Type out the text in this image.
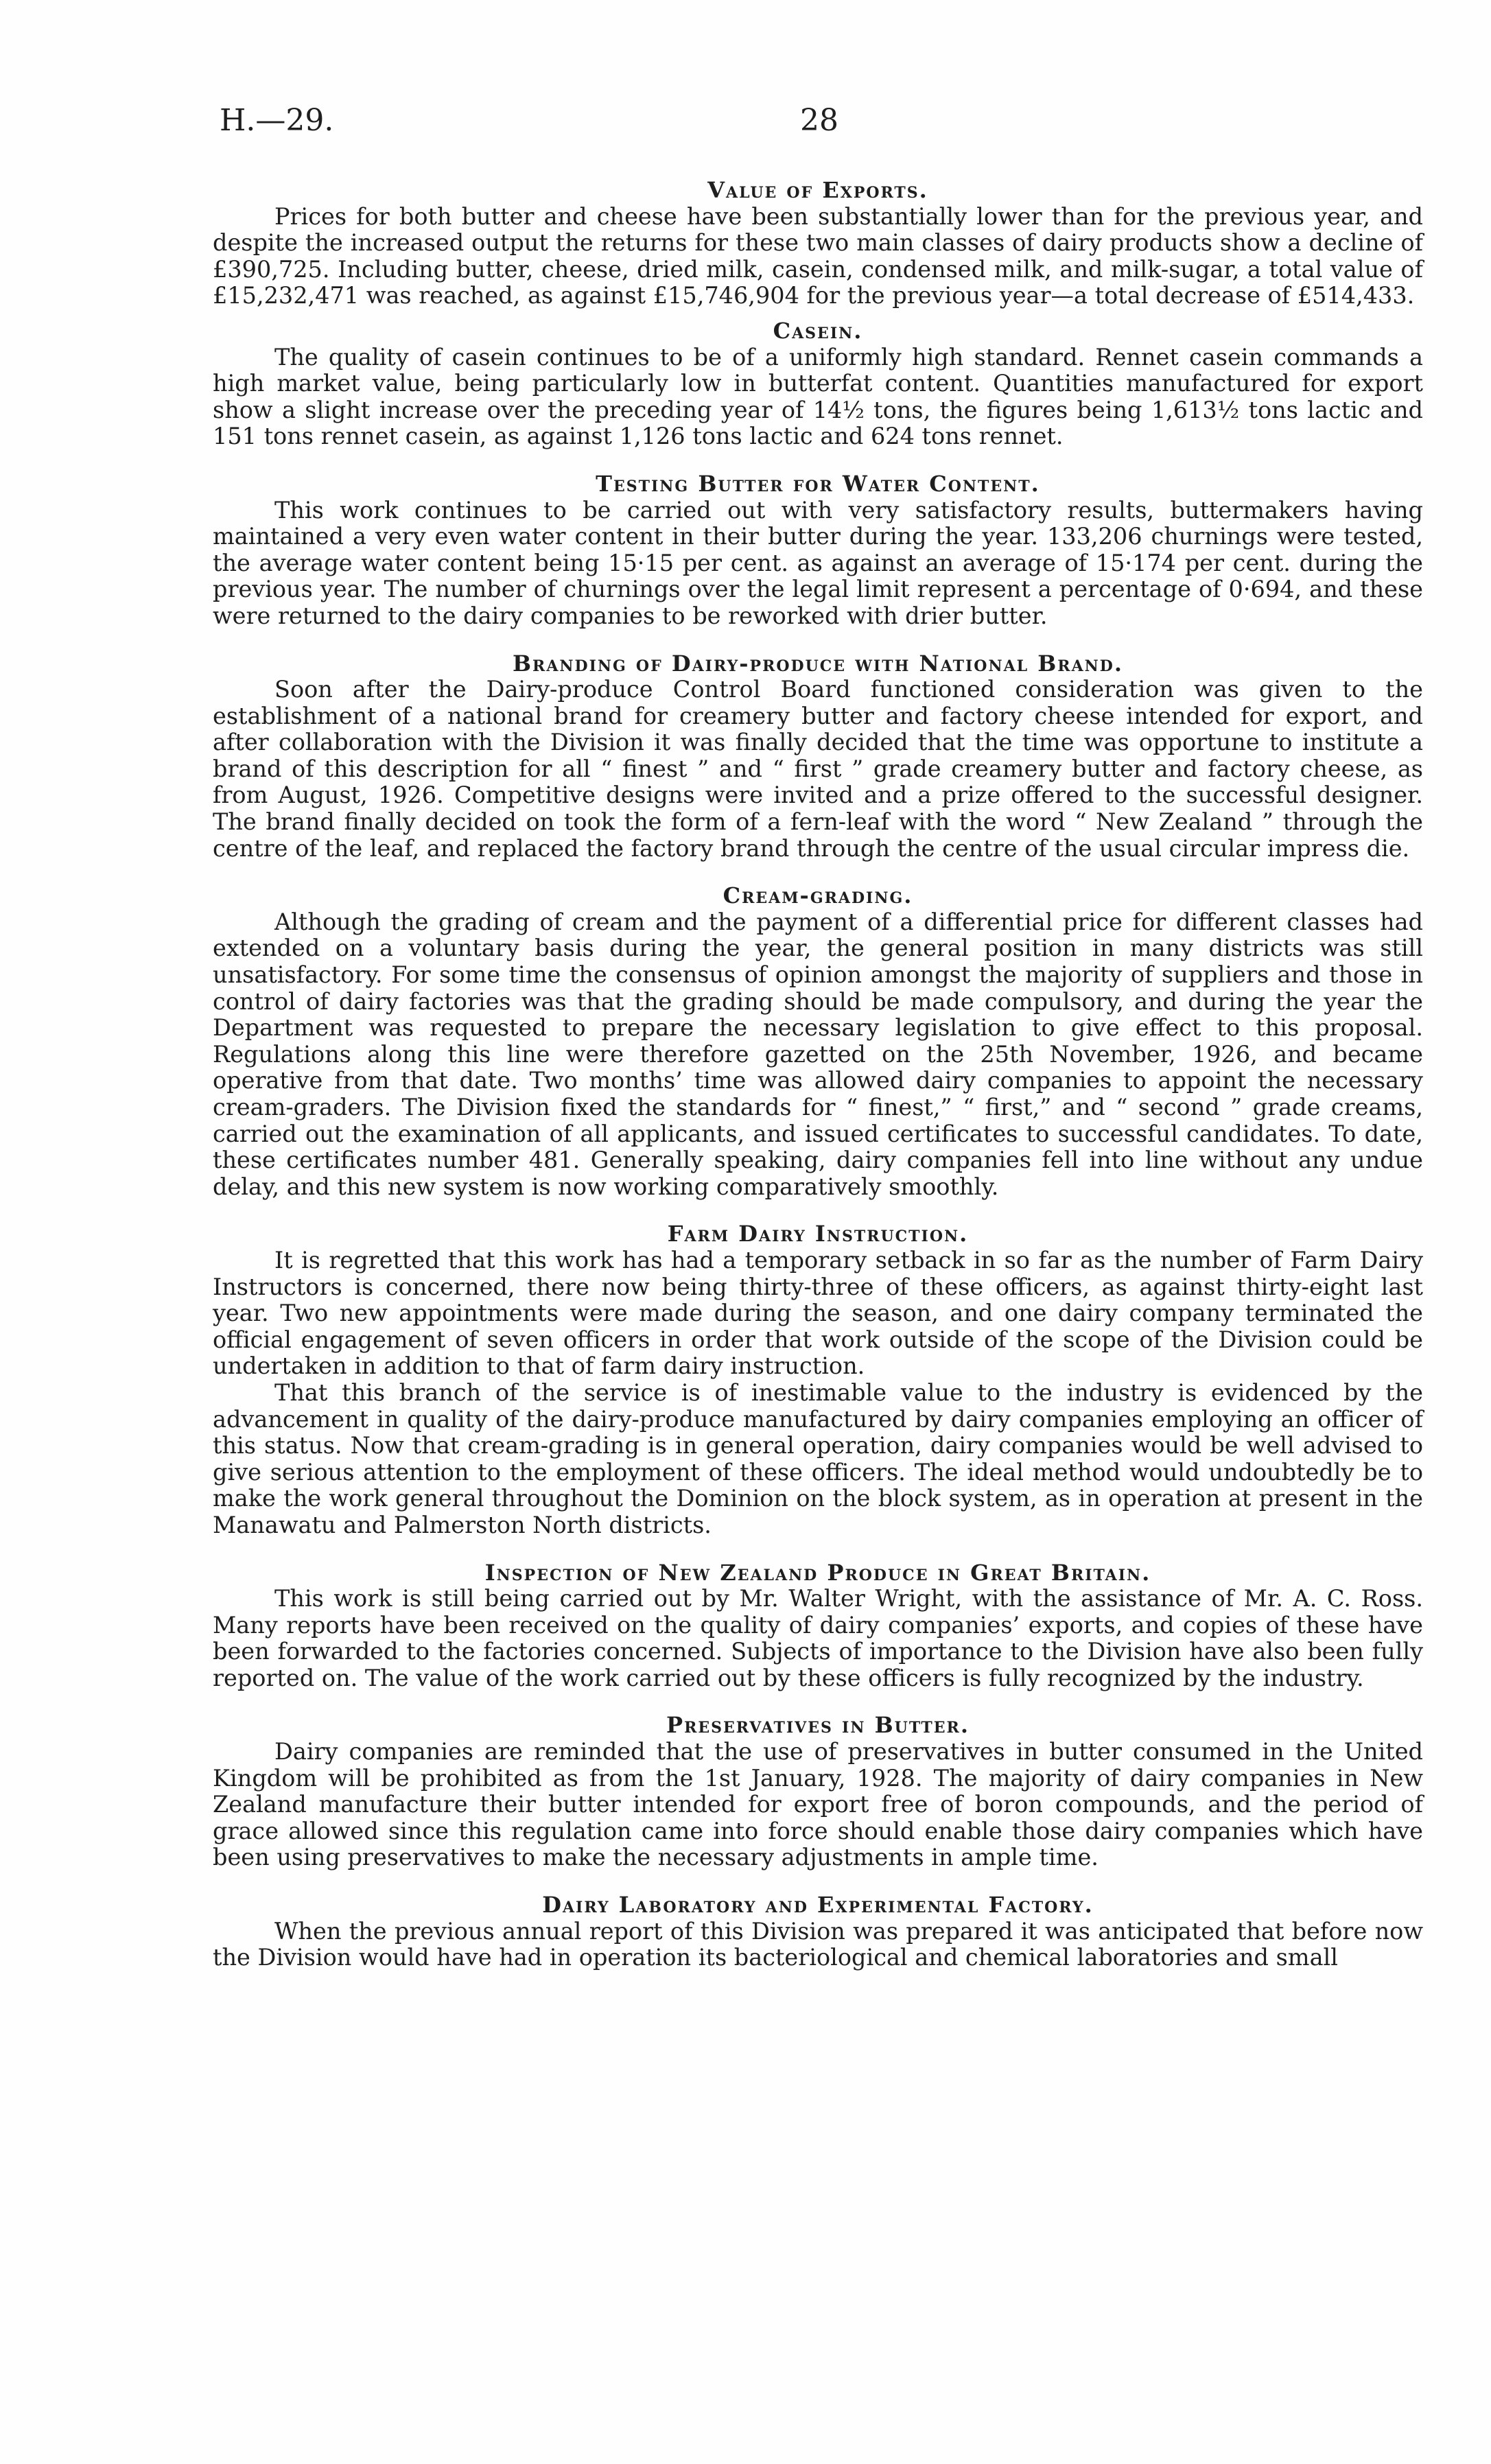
H.—29.	28
Value of Exports.

Prices for both butter and cheese have been substantially lower than for the previous year, and despite the increased output the returns for these two main classes of dairy products show a decline of £390,725. Including butter, cheese, dried milk, casein, condensed milk, and milk-sugar, a total value of £15,232,471 was reached, as against £15,746,904 for the previous year—a total decrease of £514,433.

Casein.

The quality of casein continues to be of a uniformly high standard. Rennet casein commands a high market value, being particularly low in butterfat content. Quantities manufactured for export show a slight increase over the preceding year of 14½ tons, the figures being 1,613½ tons lactic and 151 tons rennet casein, as against 1,126 tons lactic and 624 tons rennet.

Testing Butter for Water Content.

This work continues to be carried out with very satisfactory results, buttermakers having maintained a very even water content in their butter during the year. 133,206 churnings were tested, the average water content being 15·15 per cent. as against an average of 15·174 per cent. during the previous year. The number of churnings over the legal limit represent a percentage of 0·694, and these were returned to the dairy companies to be reworked with drier butter.

Branding of Dairy-produce with National Brand.

Soon after the Dairy-produce Control Board functioned consideration was given to the establishment of a national brand for creamery butter and factory cheese intended for export, and after collaboration with the Division it was finally decided that the time was opportune to institute a brand of this description for all “ finest ” and “ first ” grade creamery butter and factory cheese, as from August, 1926. Competitive designs were invited and a prize offered to the successful designer. The brand finally decided on took the form of a fern-leaf with the word “ New Zealand ” through the centre of the leaf, and replaced the factory brand through the centre of the usual circular impress die.

Cream-grading.

Although the grading of cream and the payment of a differential price for different classes had extended on a voluntary basis during the year, the general position in many districts was still unsatisfactory. For some time the consensus of opinion amongst the majority of suppliers and those in control of dairy factories was that the grading should be made compulsory, and during the year the Department was requested to prepare the necessary legislation to give effect to this proposal. Regulations along this line were therefore gazetted on the 25th November, 1926, and became operative from that date. Two months’ time was allowed dairy companies to appoint the necessary cream-graders. The Division fixed the standards for “ finest,” “ first,” and “ second ” grade creams, carried out the examination of all applicants, and issued certificates to successful candidates. To date, these certificates number 481. Generally speaking, dairy companies fell into line without any undue delay, and this new system is now working comparatively smoothly.

Farm Dairy Instruction.

It is regretted that this work has had a temporary setback in so far as the number of Farm Dairy Instructors is concerned, there now being thirty-three of these officers, as against thirty-eight last year. Two new appointments were made during the season, and one dairy company terminated the official engagement of seven officers in order that work outside of the scope of the Division could be undertaken in addition to that of farm dairy instruction.

That this branch of the service is of inestimable value to the industry is evidenced by the advancement in quality of the dairy-produce manufactured by dairy companies employing an officer of this status. Now that cream-grading is in general operation, dairy companies would be well advised to give serious attention to the employment of these officers. The ideal method would undoubtedly be to make the work general throughout the Dominion on the block system, as in operation at present in the Manawatu and Palmerston North districts.

Inspection of New Zealand Produce in Great Britain.

This work is still being carried out by Mr. Walter Wright, with the assistance of Mr. A. C. Ross. Many reports have been received on the quality of dairy companies’ exports, and copies of these have been forwarded to the factories concerned. Subjects of importance to the Division have also been fully reported on. The value of the work carried out by these officers is fully recognized by the industry.

Preservatives in Butter.

Dairy companies are reminded that the use of preservatives in butter consumed in the United Kingdom will be prohibited as from the 1st January, 1928. The majority of dairy companies in New Zealand manufacture their butter intended for export free of boron compounds, and the period of grace allowed since this regulation came into force should enable those dairy companies which have been using preservatives to make the necessary adjustments in ample time.

Dairy Laboratory and Experimental Factory.

When the previous annual report of this Division was prepared it was anticipated that before now the Division would have had in operation its bacteriological and chemical laboratories and small
